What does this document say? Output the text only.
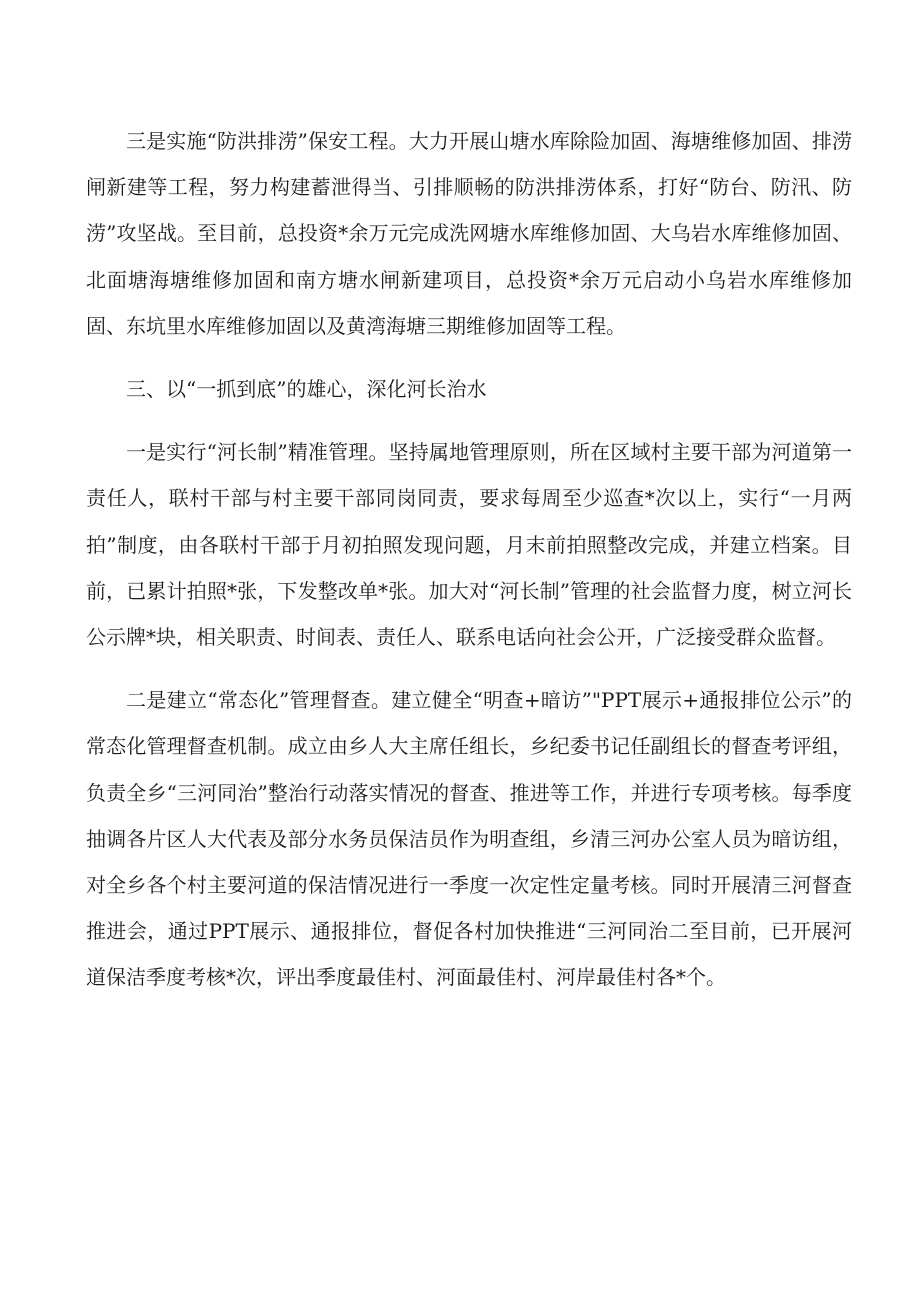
三是实施“防洪排涝”保安工程。大力开展山塘水库除险加固、海塘维修加固、排涝闸新建等工程，努力构建蓄泄得当、引排顺畅的防洪排涝体系，打好“防台、防汛、防涝”攻坚战。至目前，总投资*余万元完成洗网塘水库维修加固、大乌岩水库维修加固、北面塘海塘维修加固和南方塘水闸新建项目，总投资*余万元启动小乌岩水库维修加固、东坑里水库维修加固以及黄湾海塘三期维修加固等工程。

三、以“一抓到底”的雄心，深化河长治水

一是实行“河长制”精准管理。坚持属地管理原则，所在区域村主要干部为河道第一责任人，联村干部与村主要干部同岗同责，要求每周至少巡查*次以上，实行“一月两拍”制度，由各联村干部于月初拍照发现问题，月末前拍照整改完成，并建立档案。目前，已累计拍照*张，下发整改单*张。加大对“河长制”管理的社会监督力度，树立河长公示牌*块，相关职责、时间表、责任人、联系电话向社会公开，广泛接受群众监督。

二是建立“常态化”管理督查。建立健全“明查+暗访”"PPT展示+通报排位公示”的常态化管理督查机制。成立由乡人大主席任组长，乡纪委书记任副组长的督查考评组，负责全乡“三河同治”整治行动落实情况的督查、推进等工作，并进行专项考核。每季度抽调各片区人大代表及部分水务员保洁员作为明查组，乡清三河办公室人员为暗访组，对全乡各个村主要河道的保洁情况进行一季度一次定性定量考核。同时开展清三河督查推进会，通过PPT展示、通报排位，督促各村加快推进“三河同治二至目前，已开展河道保洁季度考核*次，评出季度最佳村、河面最佳村、河岸最佳村各*个。
